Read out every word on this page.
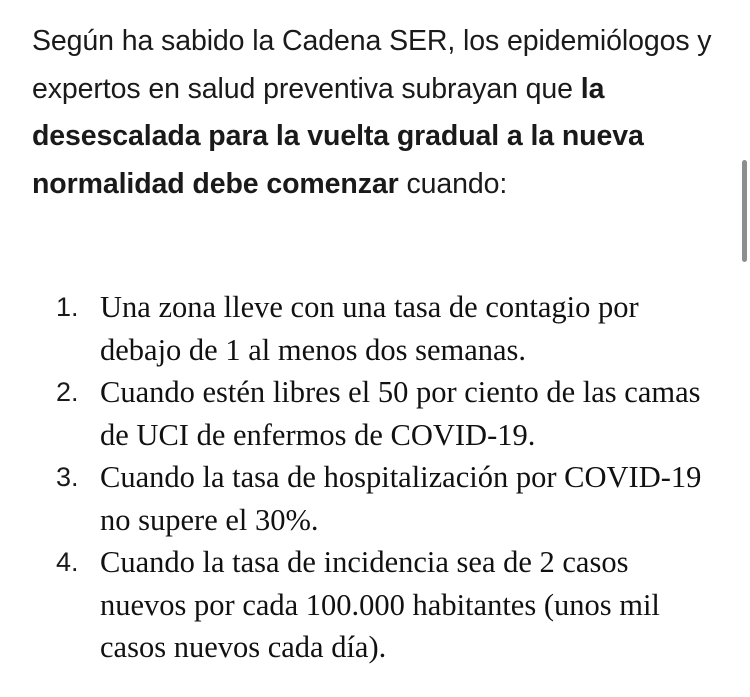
Según ha sabido la Cadena SER, los epidemiólogos y expertos en salud preventiva subrayan que la desescalada para la vuelta gradual a la nueva normalidad debe comenzar cuando:

1. Una zona lleve con una tasa de contagio por debajo de 1 al menos dos semanas.
2. Cuando estén libres el 50 por ciento de las camas de UCI de enfermos de COVID-19.
3. Cuando la tasa de hospitalización por COVID-19 no supere el 30%.
4. Cuando la tasa de incidencia sea de 2 casos nuevos por cada 100.000 habitantes (unos mil casos nuevos cada día).
